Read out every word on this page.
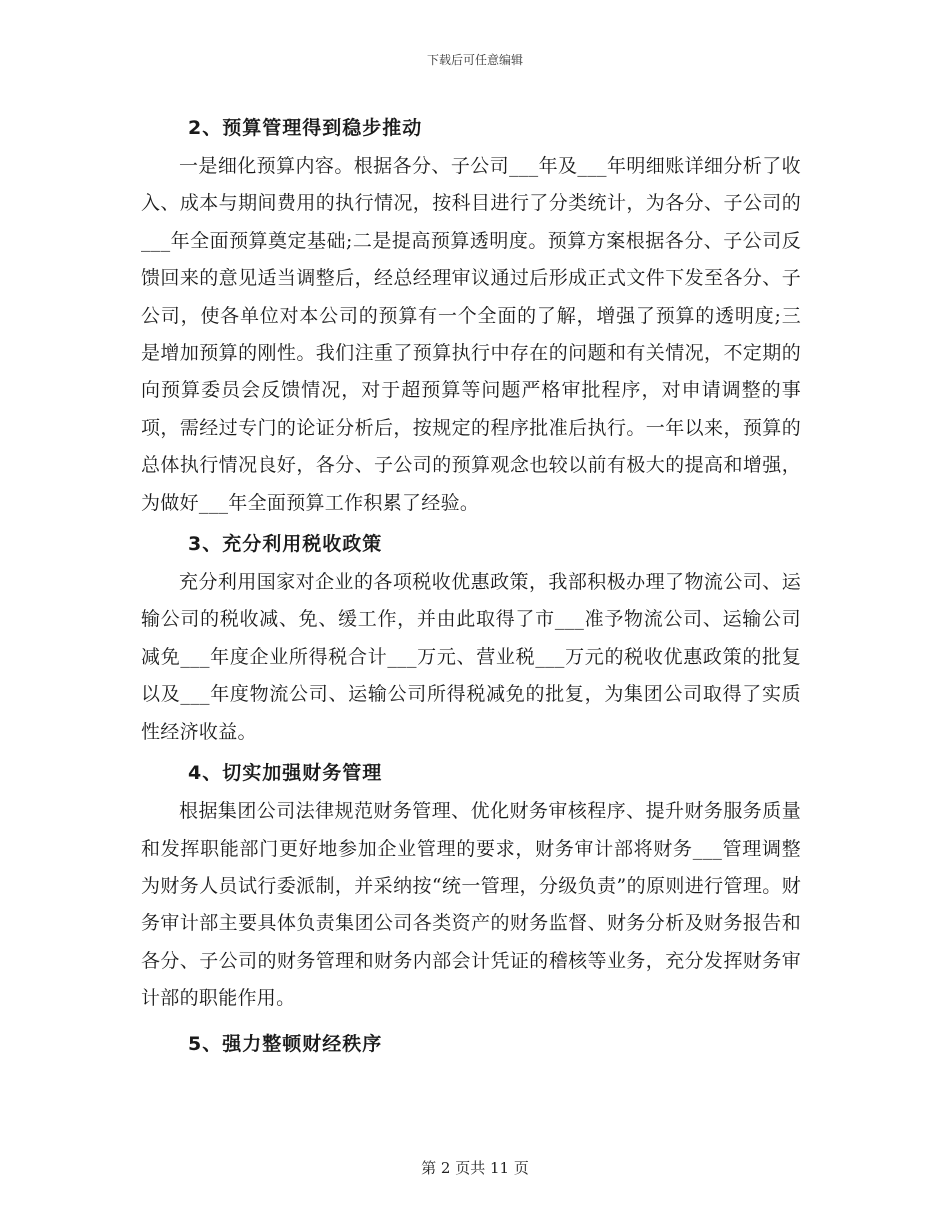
下载后可任意编辑
2、预算管理得到稳步推动

一是细化预算内容。根据各分、子公司___年及___年明细账详细分析了收入、成本与期间费用的执行情况，按科目进行了分类统计，为各分、子公司的___年全面预算奠定基础;二是提高预算透明度。预算方案根据各分、子公司反馈回来的意见适当调整后，经总经理审议通过后形成正式文件下发至各分、子公司，使各单位对本公司的预算有一个全面的了解，增强了预算的透明度;三是增加预算的刚性。我们注重了预算执行中存在的问题和有关情况，不定期的向预算委员会反馈情况，对于超预算等问题严格审批程序，对申请调整的事项，需经过专门的论证分析后，按规定的程序批准后执行。一年以来，预算的总体执行情况良好，各分、子公司的预算观念也较以前有极大的提高和增强，为做好___年全面预算工作积累了经验。

3、充分利用税收政策

充分利用国家对企业的各项税收优惠政策，我部积极办理了物流公司、运输公司的税收减、免、缓工作，并由此取得了市___准予物流公司、运输公司减免___年度企业所得税合计___万元、营业税___万元的税收优惠政策的批复以及___年度物流公司、运输公司所得税减免的批复，为集团公司取得了实质性经济收益。

4、切实加强财务管理

根据集团公司法律规范财务管理、优化财务审核程序、提升财务服务质量和发挥职能部门更好地参加企业管理的要求，财务审计部将财务___管理调整为财务人员试行委派制，并采纳按“统一管理，分级负责”的原则进行管理。财务审计部主要具体负责集团公司各类资产的财务监督、财务分析及财务报告和各分、子公司的财务管理和财务内部会计凭证的稽核等业务，充分发挥财务审计部的职能作用。

5、强力整顿财经秩序
第 2 页共 11 页
